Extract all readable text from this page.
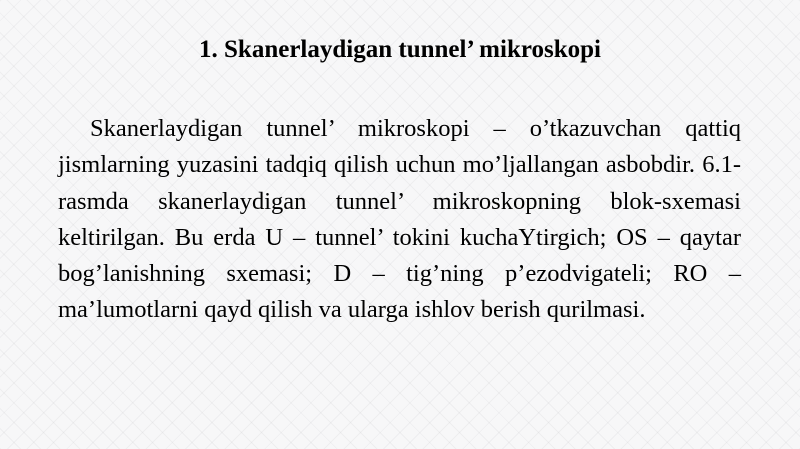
1. Skanerlaydigan tunnel’ mikroskopi

Skanerlaydigan tunnel’ mikroskopi – o’tkazuvchan qattiq jismlarning yuzasini tadqiq qilish uchun mo’ljallangan asbobdir. 6.1-rasmda skanerlaydigan tunnel’ mikroskopning blok-sxemasi keltirilgan. Bu erda U – tunnel’ tokini kuchaYtirgich; OS – qaytar bog’lanishning sxemasi; D – tig’ning p’ezodvigateli; RO – ma’lumotlarni qayd qilish va ularga ishlov berish qurilmasi.
